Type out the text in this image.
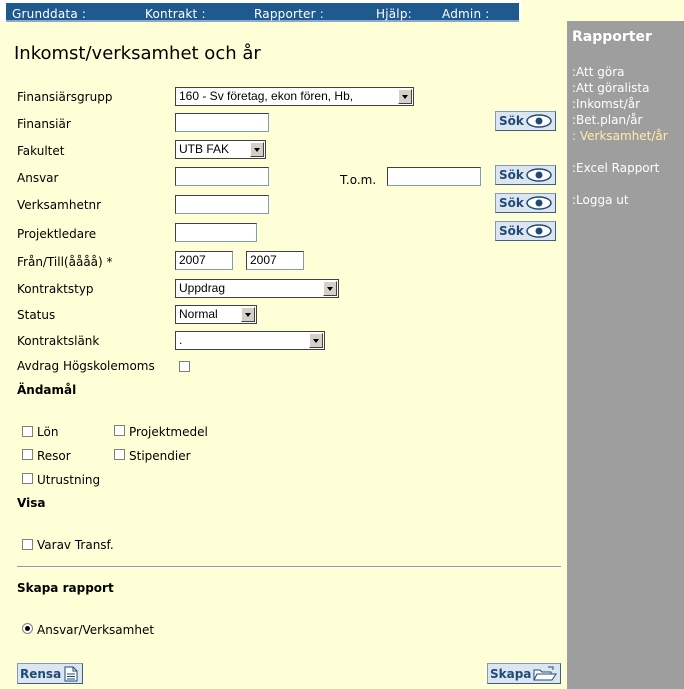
Grunddata :	Kontrakt :	Rapporter :	Hjälp:	Admin :
Rapporter
:Att göra
:Att göralista
:Inkomst/år
:Bet.plan/år
: Verksamhet/år
:Excel Rapport
:Logga ut
Inkomst/verksamhet och år
Finansiärsgrupp	160 - Sv företag, ekon fören, Hb,
Finansiär	Sök
Fakultet	UTB FAK
Ansvar	T.o.m.	Sök
Verksamhetnr	Sök
Projektledare	Sök
Från/Till(åååå) *	2007	2007
Kontraktstyp	Uppdrag
Status	Normal
Kontraktslänk	.
Avdrag Högskolemoms
Ändamål
Lön	Projektmedel
Resor	Stipendier
Utrustning
Visa
Varav Transf.
Skapa rapport
Ansvar/Verksamhet
Rensa	Skapa
